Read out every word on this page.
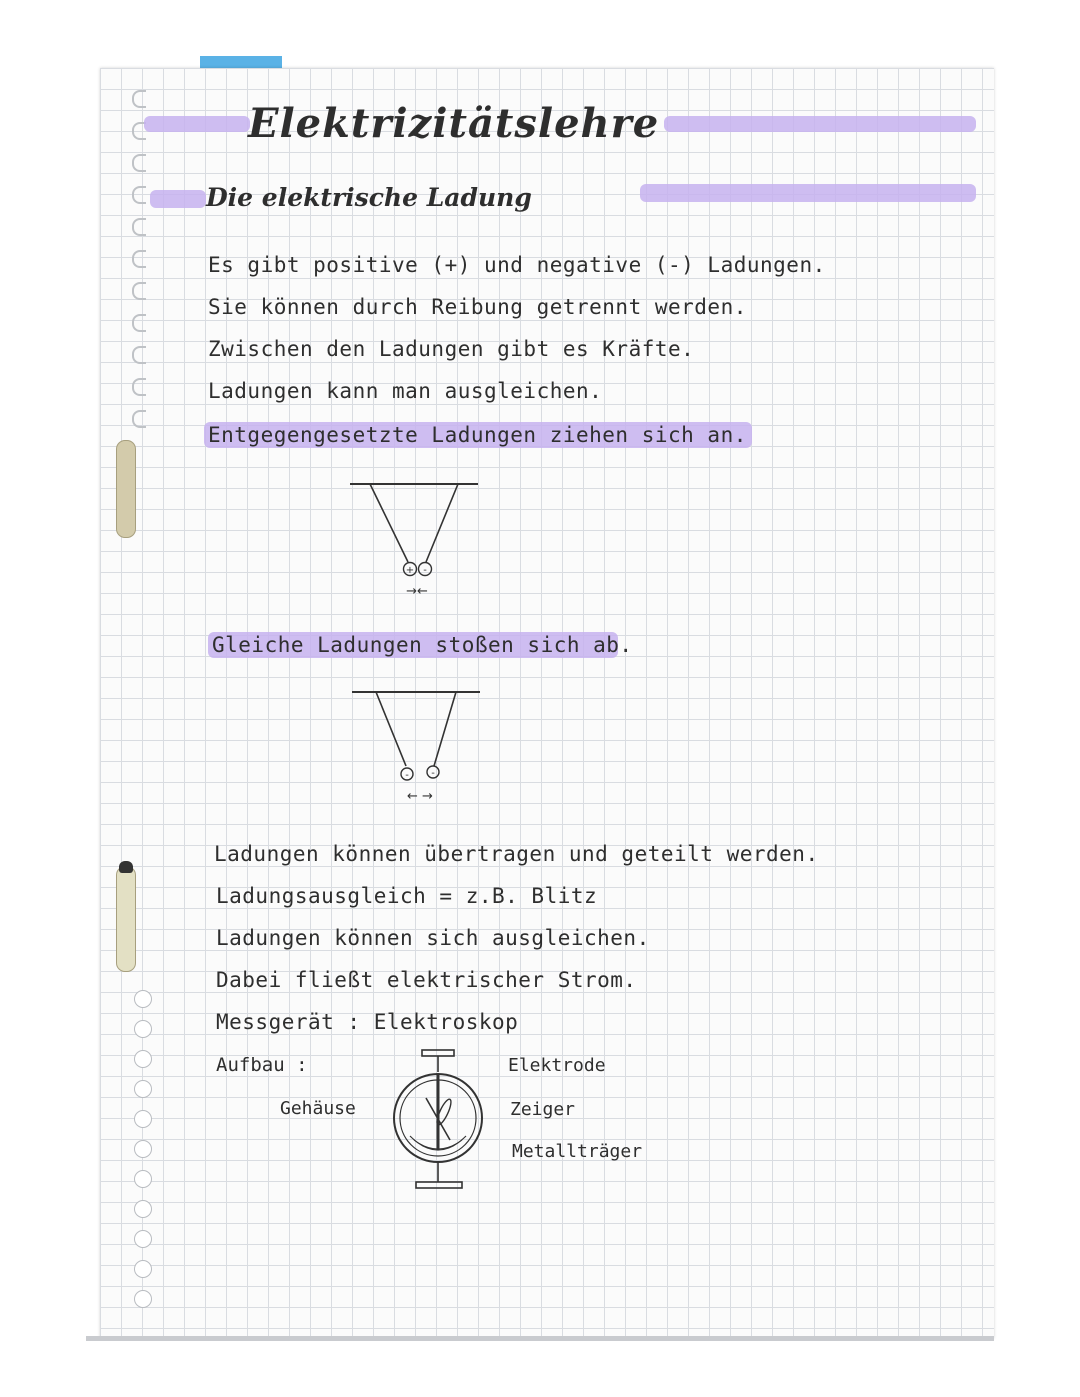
Elektrizitätslehre
Die elektrische Ladung
Es gibt positive (+) und negative (-) Ladungen.
Sie können durch Reibung getrennt werden.
Zwischen den Ladungen gibt es Kräfte.
Ladungen kann man ausgleichen.
Entgegengesetzte Ladungen ziehen sich an.
+ -
→←
Gleiche Ladungen stoßen sich ab.
- -
← →
Ladungen können übertragen und geteilt werden.
Ladungsausgleich = z.B. Blitz
Ladungen können sich ausgleichen.
Dabei fließt elektrischer Strom.
Messgerät : Elektroskop
Aufbau :
Gehäuse
Elektrode
Zeiger
Metallträger
